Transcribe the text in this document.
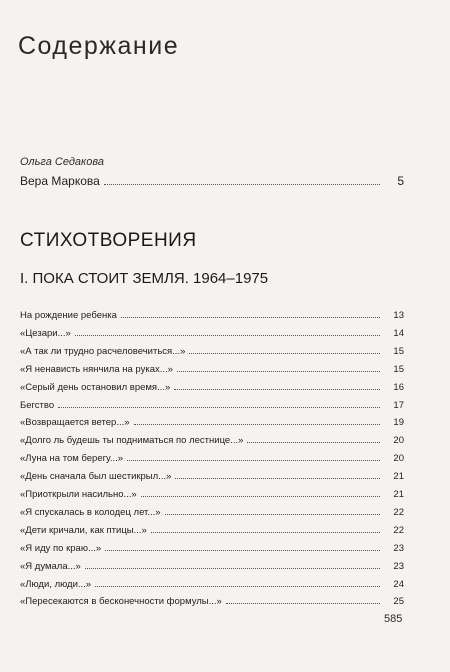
Содержание
Ольга Седакова
Вера Маркова	5
СТИХОТВОРЕНИЯ
I. ПОКА СТОИТ ЗЕМЛЯ. 1964–1975
На рождение ребенка	13
«Цезари...»	14
«А так ли трудно расчеловечиться...»	15
«Я ненависть нянчила на руках...»	15
«Серый день остановил время...»	16
Бегство	17
«Возвращается ветер...»	19
«Долго ль будешь ты подниматься по лестнице...»	20
«Луна на том берегу...»	20
«День сначала был шестикрыл...»	21
«Приоткрыли насильно...»	21
«Я спускалась в колодец лет...»	22
«Дети кричали, как птицы...»	22
«Я иду по краю...»	23
«Я думала...»	23
«Люди, люди...»	24
«Пересекаются в бесконечности формулы...»	25
585
